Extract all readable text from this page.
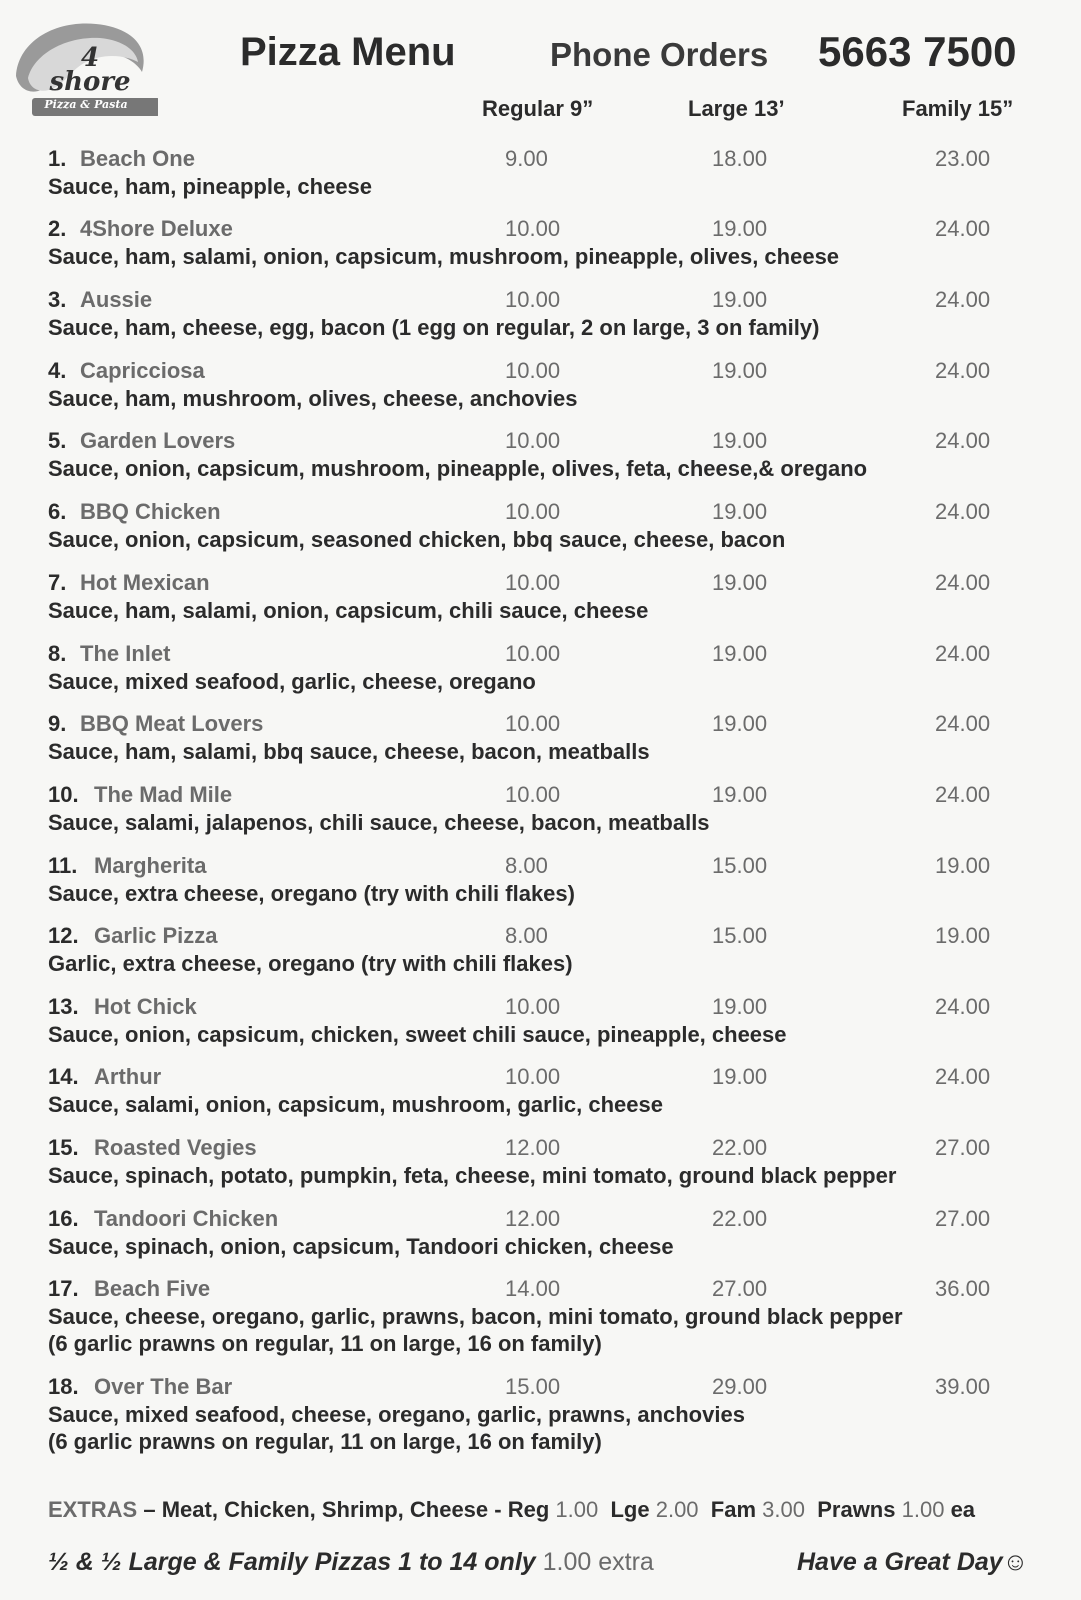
Pizza & Pasta
4 shore
Pizza Menu	Phone Orders 5663 7500
Regular 9”	Large 13’	Family 15”
1. Beach One	9.00	18.00	23.00
Sauce, ham, pineapple, cheese
2. 4Shore Deluxe	10.00	19.00	24.00
Sauce, ham, salami, onion, capsicum, mushroom, pineapple, olives, cheese
3. Aussie	10.00	19.00	24.00
Sauce, ham, cheese, egg, bacon (1 egg on regular, 2 on large, 3 on family)
4. Capricciosa	10.00	19.00	24.00
Sauce, ham, mushroom, olives, cheese, anchovies
5. Garden Lovers	10.00	19.00	24.00
Sauce, onion, capsicum, mushroom, pineapple, olives, feta, cheese,& oregano
6. BBQ Chicken	10.00	19.00	24.00
Sauce, onion, capsicum, seasoned chicken, bbq sauce, cheese, bacon
7. Hot Mexican	10.00	19.00	24.00
Sauce, ham, salami, onion, capsicum, chili sauce, cheese
8. The Inlet	10.00	19.00	24.00
Sauce, mixed seafood, garlic, cheese, oregano
9. BBQ Meat Lovers	10.00	19.00	24.00
Sauce, ham, salami, bbq sauce, cheese, bacon, meatballs
10. The Mad Mile	10.00	19.00	24.00
Sauce, salami, jalapenos, chili sauce, cheese, bacon, meatballs
11. Margherita	8.00	15.00	19.00
Sauce, extra cheese, oregano (try with chili flakes)
12. Garlic Pizza	8.00	15.00	19.00
Garlic, extra cheese, oregano (try with chili flakes)
13. Hot Chick	10.00	19.00	24.00
Sauce, onion, capsicum, chicken, sweet chili sauce, pineapple, cheese
14. Arthur	10.00	19.00	24.00
Sauce, salami, onion, capsicum, mushroom, garlic, cheese
15. Roasted Vegies	12.00	22.00	27.00
Sauce, spinach, potato, pumpkin, feta, cheese, mini tomato, ground black pepper
16. Tandoori Chicken	12.00	22.00	27.00
Sauce, spinach, onion, capsicum, Tandoori chicken, cheese
17. Beach Five	14.00	27.00	36.00
Sauce, cheese, oregano, garlic, prawns, bacon, mini tomato, ground black pepper
(6 garlic prawns on regular, 11 on large, 16 on family)
18. Over The Bar	15.00	29.00	39.00
Sauce, mixed seafood, cheese, oregano, garlic, prawns, anchovies
(6 garlic prawns on regular, 11 on large, 16 on family)
EXTRAS – Meat, Chicken, Shrimp, Cheese - Reg 1.00 Lge 2.00 Fam 3.00 Prawns 1.00 ea
½ & ½ Large & Family Pizzas 1 to 14 only 1.00 extra	Have a Great Day☺
